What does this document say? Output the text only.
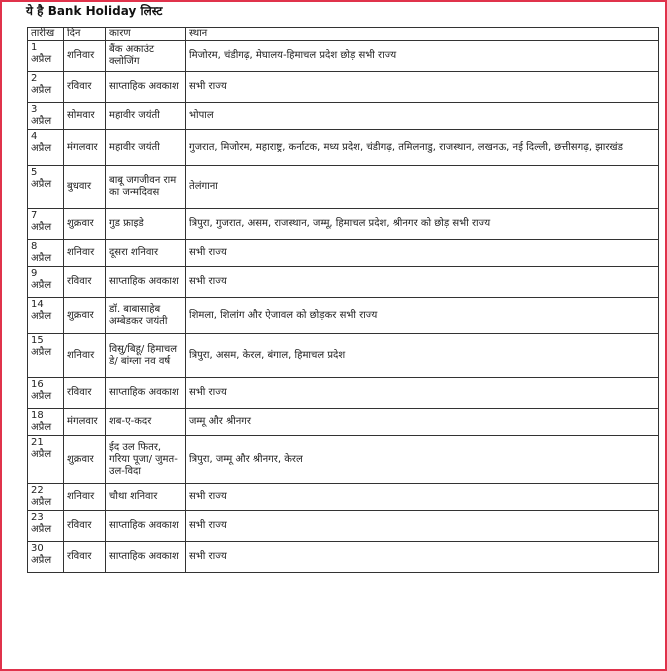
ये है Bank Holiday लिस्ट
तारीख	दिन	कारण	स्थान
1 अप्रैल	शनिवार	बैंक अकाउंट क्लोजिंग	मिजोरम, चंडीगढ़, मेघालय-हिमाचल प्रदेश छोड़ सभी राज्य
2 अप्रैल	रविवार	साप्ताहिक अवकाश	सभी राज्य
3 अप्रैल	सोमवार	महावीर जयंती	भोपाल
4 अप्रैल	मंगलवार	महावीर जयंती	गुजरात, मिजोरम, महाराष्ट्र, कर्नाटक, मध्य प्रदेश, चंडीगढ़, तमिलनाडु, राजस्थान, लखनऊ, नई दिल्ली, छत्तीसगढ़, झारखंड
5 अप्रैल	बुधवार	बाबू जगजीवन राम का जन्मदिवस	तेलंगाना
7 अप्रैल	शुक्रवार	गुड फ्राइडे	त्रिपुरा, गुजरात, असम, राजस्थान, जम्मू, हिमाचल प्रदेश, श्रीनगर को छोड़ सभी राज्य
8 अप्रैल	शनिवार	दूसरा शनिवार	सभी राज्य
9 अप्रैल	रविवार	साप्ताहिक अवकाश	सभी राज्य
14 अप्रैल	शुक्रवार	डॉ. बाबासाहेब अम्बेडकर जयंती	शिमला, शिलांग और ऐजावल को छोड़कर सभी राज्य
15 अप्रैल	शनिवार	विसु/बिहू/ हिमाचल डे/ बांग्ला नव वर्ष	त्रिपुरा, असम, केरल, बंगाल, हिमाचल प्रदेश
16 अप्रैल	रविवार	साप्ताहिक अवकाश	सभी राज्य
18 अप्रैल	मंगलवार	शब-ए-कदर	जम्मू और श्रीनगर
21 अप्रैल	शुक्रवार	ईद उल फितर, गरिया पूजा/ जुमत-उल-विदा	त्रिपुरा, जम्मू और श्रीनगर, केरल
22 अप्रैल	शनिवार	चौथा शनिवार	सभी राज्य
23 अप्रैल	रविवार	साप्ताहिक अवकाश	सभी राज्य
30 अप्रैल	रविवार	साप्ताहिक अवकाश	सभी राज्य
